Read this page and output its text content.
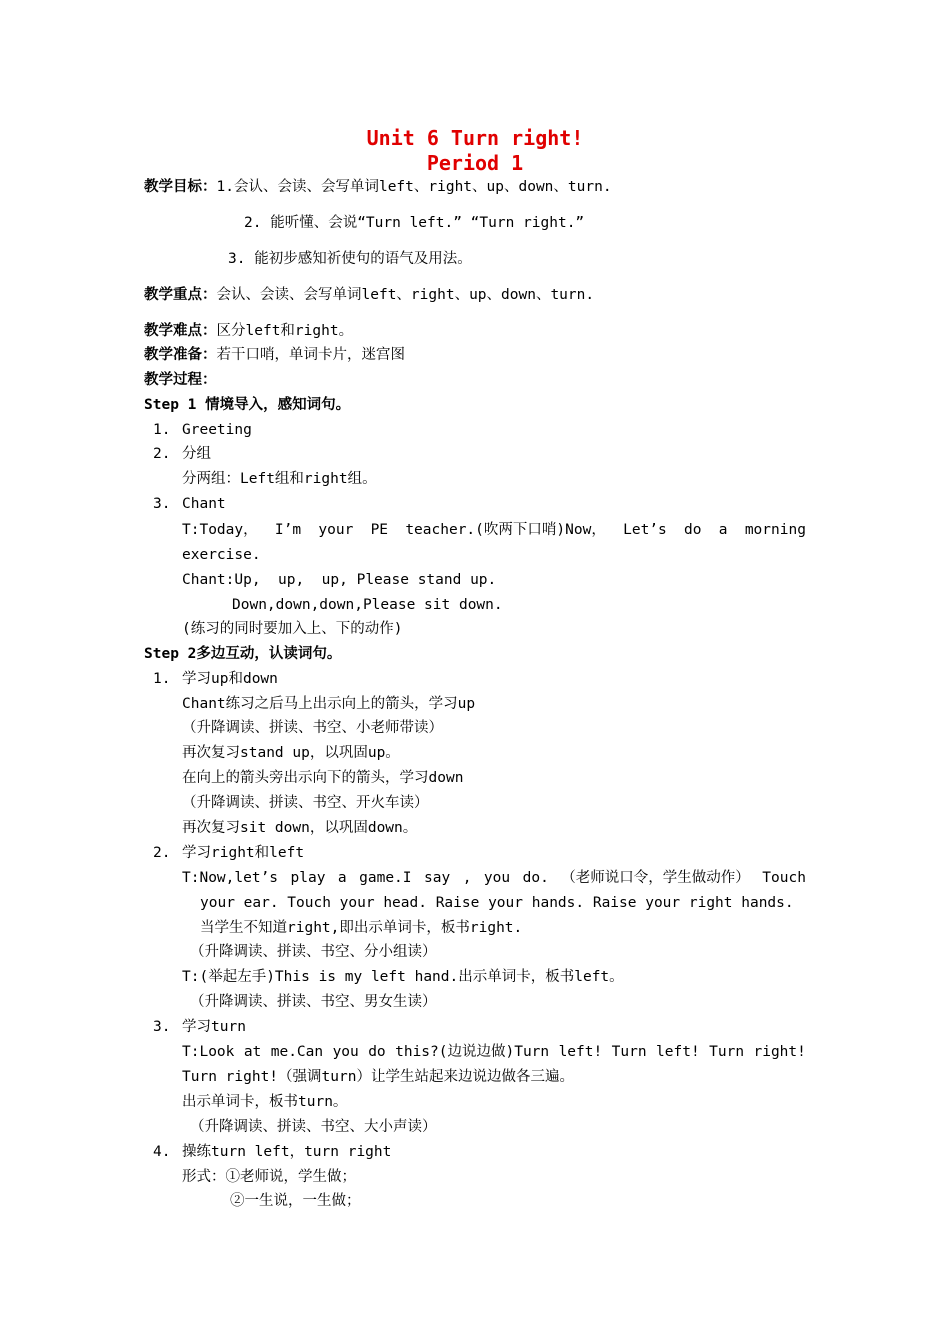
Unit 6 Turn right!
Period 1
教学目标：1.会认、会读、会写单词left、right、up、down、turn.
2. 能听懂、会说“Turn left.” “Turn right.”
3. 能初步感知祈使句的语气及用法。
教学重点：会认、会读、会写单词left、right、up、down、turn.
教学难点：区分left和right。
教学准备：若干口哨，单词卡片，迷宫图
教学过程：
Step 1 情境导入，感知词句。
1. Greeting
2. 分组
分两组：Left组和right组。
3. Chant
T:Today， I’m your PE teacher.(吹两下口哨)Now， Let’s do a morning
exercise.
Chant:Up,  up,  up, Please stand up.
Down,down,down,Please sit down.
(练习的同时要加入上、下的动作)
Step 2多边互动，认读词句。
1. 学习up和down
Chant练习之后马上出示向上的箭头，学习up
（升降调读、拼读、书空、小老师带读）
再次复习stand up，以巩固up。
在向上的箭头旁出示向下的箭头，学习down
（升降调读、拼读、书空、开火车读）
再次复习sit down，以巩固down。
2. 学习right和left
T:Now,let’s play a game.I say , you do. （老师说口令，学生做动作） Touch
your ear. Touch your head. Raise your hands. Raise your right hands.
当学生不知道right,即出示单词卡，板书right.
（升降调读、拼读、书空、分小组读）
T:(举起左手)This is my left hand.出示单词卡，板书left。
（升降调读、拼读、书空、男女生读）
3. 学习turn
T:Look at me.Can you do this?(边说边做)Turn left! Turn left! Turn right!
Turn right!（强调turn）让学生站起来边说边做各三遍。
出示单词卡，板书turn。
（升降调读、拼读、书空、大小声读）
4. 操练turn left，turn right
形式：①老师说，学生做；
②一生说，一生做；
